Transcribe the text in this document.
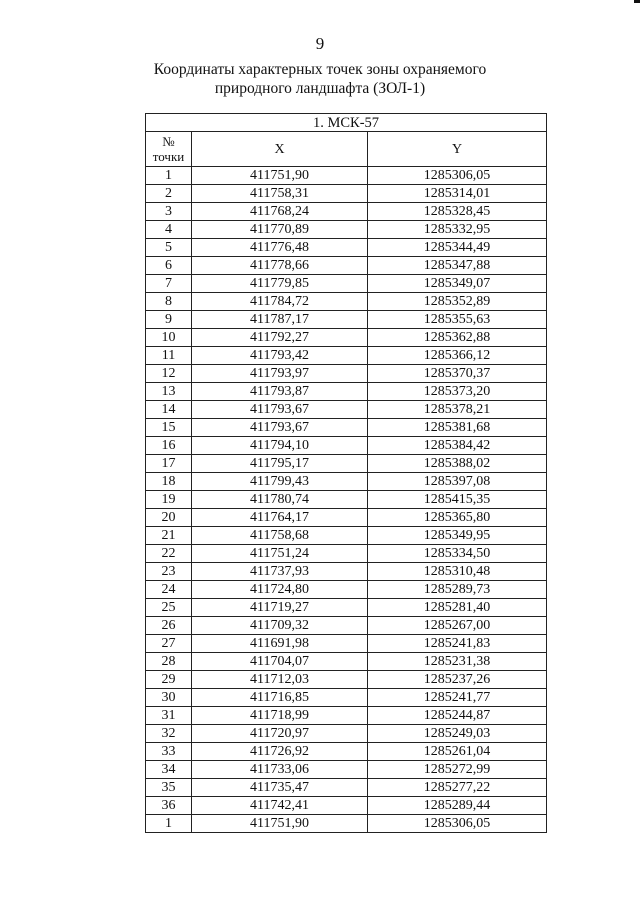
9
Координаты характерных точек зоны охраняемого
природного ландшафта (ЗОЛ-1)
1. МСК-57		

№
точки	X	Y
1	411751,90	1285306,05
2	411758,31	1285314,01
3	411768,24	1285328,45
4	411770,89	1285332,95
5	411776,48	1285344,49
6	411778,66	1285347,88
7	411779,85	1285349,07
8	411784,72	1285352,89
9	411787,17	1285355,63
10	411792,27	1285362,88
11	411793,42	1285366,12
12	411793,97	1285370,37
13	411793,87	1285373,20
14	411793,67	1285378,21
15	411793,67	1285381,68
16	411794,10	1285384,42
17	411795,17	1285388,02
18	411799,43	1285397,08
19	411780,74	1285415,35
20	411764,17	1285365,80
21	411758,68	1285349,95
22	411751,24	1285334,50
23	411737,93	1285310,48
24	411724,80	1285289,73
25	411719,27	1285281,40
26	411709,32	1285267,00
27	411691,98	1285241,83
28	411704,07	1285231,38
29	411712,03	1285237,26
30	411716,85	1285241,77
31	411718,99	1285244,87
32	411720,97	1285249,03
33	411726,92	1285261,04
34	411733,06	1285272,99
35	411735,47	1285277,22
36	411742,41	1285289,44
1	411751,90	1285306,05
